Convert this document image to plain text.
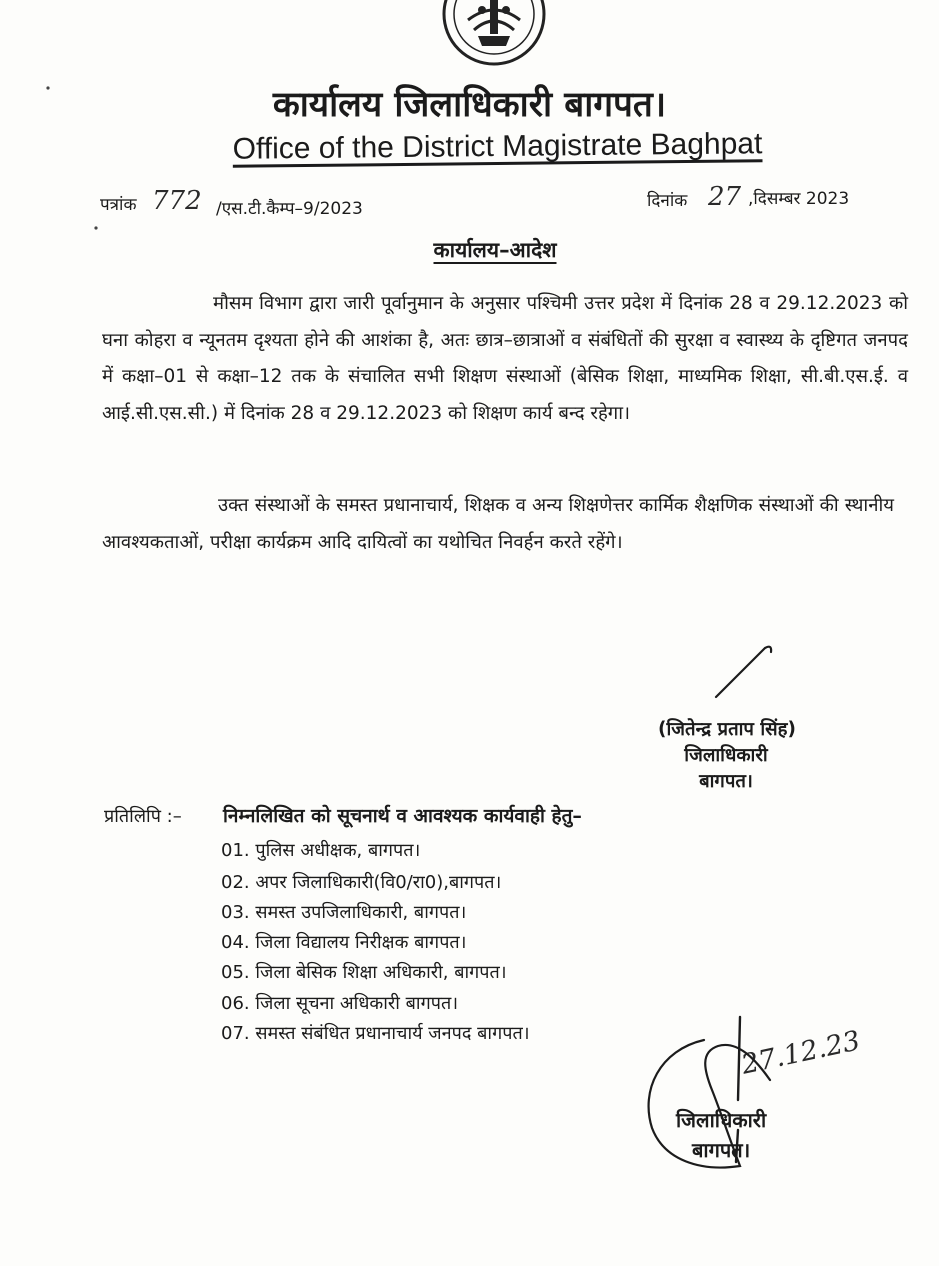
कार्यालय जिलाधिकारी बागपत।
Office of the District Magistrate Baghpat
पत्रांक 772 /एस.टी.कैम्प–9/2023	दिनांक 27 ,दिसम्बर 2023
कार्यालय–आदेश

मौसम विभाग द्वारा जारी पूर्वानुमान के अनुसार पश्चिमी उत्तर प्रदेश में दिनांक 28 व 29.12.2023 को घना कोहरा व न्यूनतम दृश्यता होने की आशंका है, अतः छात्र–छात्राओं व संबंधितों की सुरक्षा व स्वास्थ्य के दृष्टिगत जनपद में कक्षा–01 से कक्षा–12 तक के संचालित सभी शिक्षण संस्थाओं (बेसिक शिक्षा, माध्यमिक शिक्षा, सी.बी.एस.ई. व आई.सी.एस.सी.) में दिनांक 28 व 29.12.2023 को शिक्षण कार्य बन्द रहेगा।

उक्त संस्थाओं के समस्त प्रधानाचार्य, शिक्षक व अन्य शिक्षणेत्तर कार्मिक शैक्षणिक संस्थाओं की स्थानीय आवश्यकताओं, परीक्षा कार्यक्रम आदि दायित्वों का यथोचित निवर्हन करते रहेंगे।

(जितेन्द्र प्रताप सिंह)
जिलाधिकारी
बागपत।
प्रतिलिपि :– निम्नलिखित को सूचनार्थ व आवश्यक कार्यवाही हेतु–
01. पुलिस अधीक्षक, बागपत।
02. अपर जिलाधिकारी(वि0/रा0),बागपत।
03. समस्त उपजिलाधिकारी, बागपत।
04. जिला विद्यालय निरीक्षक बागपत।
05. जिला बेसिक शिक्षा अधिकारी, बागपत।
06. जिला सूचना अधिकारी बागपत।
07. समस्त संबंधित प्रधानाचार्य जनपद बागपत।	27.12.23
जिलाधिकारी
बागपत।
